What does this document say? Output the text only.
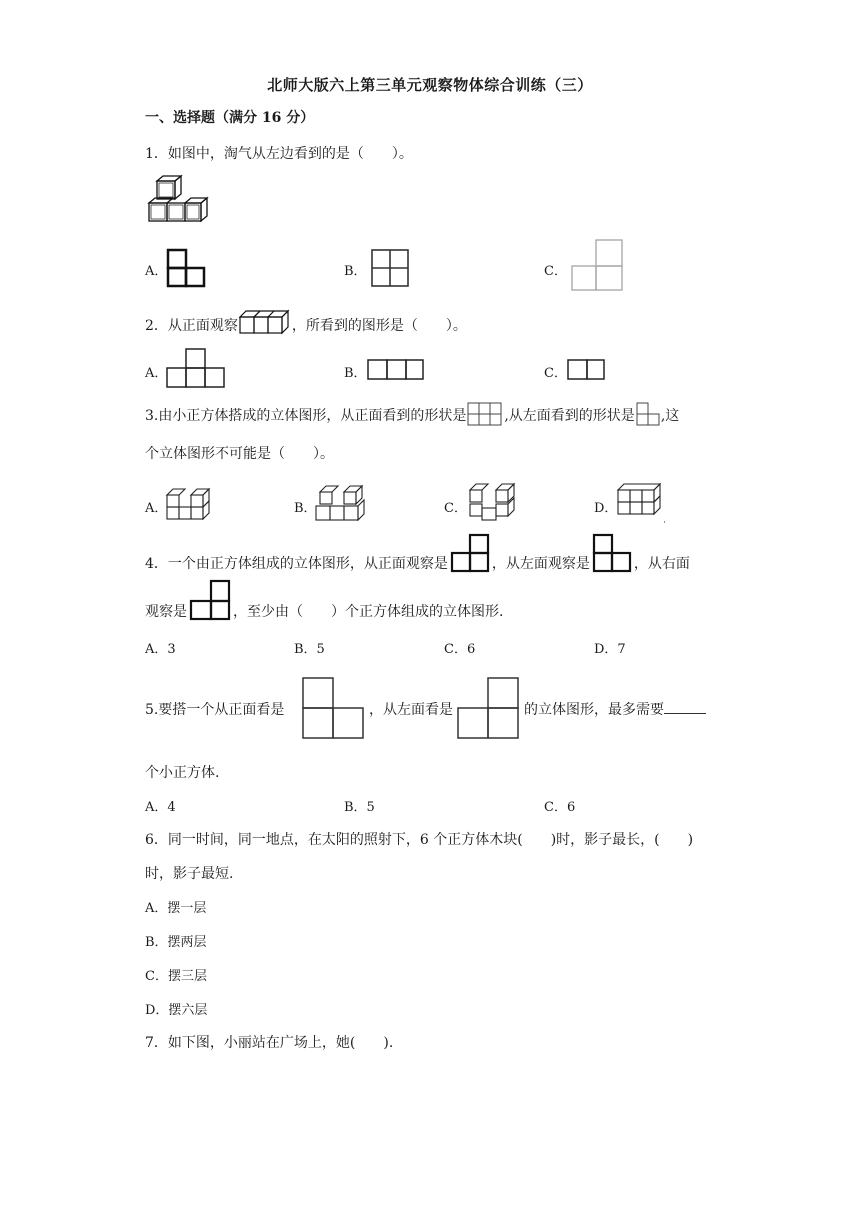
北师大版六上第三单元观察物体综合训练（三）
一、选择题（满分 16 分）
1．如图中，淘气从左边看到的是（　　）。
A．	B．	C．
2．从正面观察	，所看到的图形是（　　）。
A．	B．	C．
3.由小正方体搭成的立体图形，从正面看到的形状是	,从左面看到的形状是 ,这
个立体图形不可能是（　　）。
A．	B．	C．	D．
4．一个由正方体组成的立体图形，从正面观察是	，从左面观察是	，从右面
观察是	，至少由（　　）个正方体组成的立体图形.
A．3	B．5	C．6	D．7
5.要搭一个从正面看是	，从左面看是	的立体图形，最多需要
个小正方体.
A．4	B．5	C．6
6．同一时间，同一地点，在太阳的照射下，6 个正方体木块(　　)时，影子最长，(　　)
时，影子最短.
A．摆一层
B．摆两层
C．摆三层
D．摆六层
7．如下图，小丽站在广场上，她(　　).
